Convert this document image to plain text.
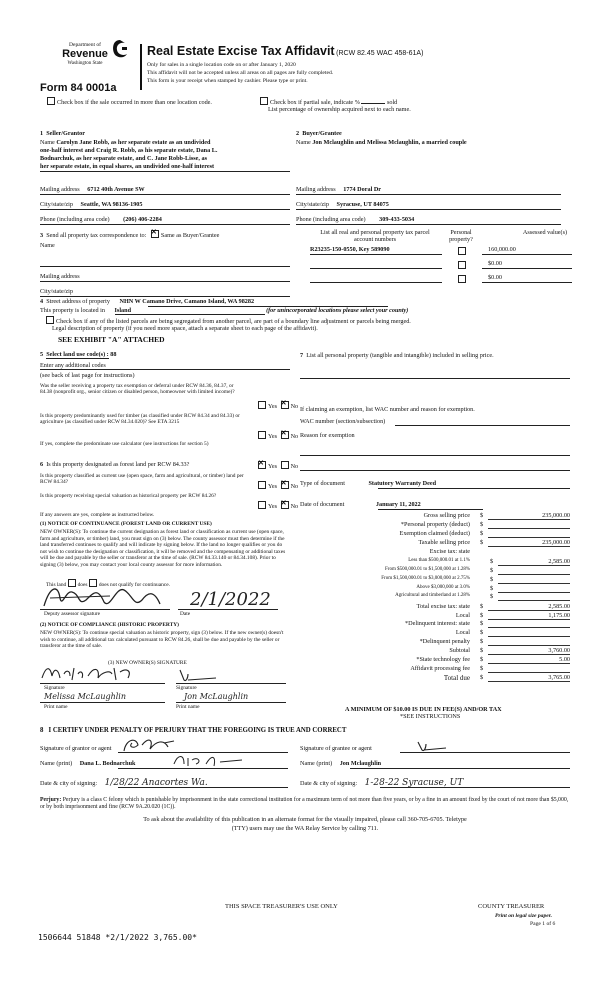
Department of
Revenue
Washington State
Form 84 0001a
Real Estate Excise Tax Affidavit (RCW 82.45 WAC 458-61A)
Only for sales in a single location code on or after January 1, 2020
This affidavit will not be accepted unless all areas on all pages are fully completed.
This form is your receipt when stamped by cashier. Please type or print.
Check box if the sale occurred in more than one location code.	Check box if partial sale, indicate %	sold
List percentage of ownership acquired next to each name.
1  Seller/Grantor
Name Carolyn Jane Robb, as her separate estate as an undivided
one-half interest and Craig R. Robb, as his separate estate, Dana L.
Bodnarchuk, as her separate estate, and C. Jane Robb-Lisse, as
her separate estate, in equal shares, an undivided one-half interest
Mailing address 6712 40th Avenue SW
City/state/zip Seattle, WA 98136-1905
Phone (including area code) (206) 406-2284
2  Buyer/Grantee
Name Jon Mclaughlin and Melissa Mclaughlin, a married couple
Mailing address 1774 Doral Dr
City/state/zip Syracuse, UT 84075
Phone (including area code) 309-433-5034
3 Send all property tax correspondence to: ✕ Same as Buyer/Grantee
Name
Mailing address
City/state/zip
List all real and personal property tax parcel account numbers
Personal property?
Assessed value(s)
R23235-150-0550, Key 589090	160,000.00
$0.00
$0.00
4 Street address of property NHN W Camano Drive, Camano Island, WA 98282
This property is located in Island	(for unincorporated locations please select your county)
Check box if any of the listed parcels are being segregated from another parcel, are part of a boundary line adjustment or parcels being merged.
Legal description of property (if you need more space, attach a separate sheet to each page of the affidavit).
SEE EXHIBIT "A" ATTACHED
5 Select land use code(s) : 88
Enter any additional codes
(see back of last page for instructions)
Was the seller receiving a property tax exemption or deferral under RCW 84.36, 84.37, or 84.38 (nonprofit org., senior citizen or disabled person, homeowner with limited income)?
Yes ✕ No
Is this property predominantly used for timber (as classified under RCW 84.34 and 84.33) or agriculture (as classified under RCW 84.34.020)? See ETA 3215
Yes ✕ No
If yes, complete the predominate use calculator (see instructions for section 5)
6 Is this property designated as forest land per RCW 84.33? ✕	Yes No
Is this property classified as current use (open space, farm and agricultural, or timber) land per RCW 84.34?
Yes ✕ No
Is this property receiving special valuation as historical property per RCW 84.26?
Yes ✕ No
If any answers are yes, complete as instructed below.
(1) NOTICE OF CONTINUANCE (FOREST LAND OR CURRENT USE)
NEW OWNER(S): To continue the current designation as forest land or classification as current use (open space, farm and agriculture, or timber) land, you must sign on (3) below. The county assessor must then determine if the land transferred continues to qualify and will indicate by signing below. If the land no longer qualifies or you do not wish to continue the designation or classification, it will be removed and the compensating or additional taxes will be due and payable by the seller or transferor at the time of sale. (RCW 84.33.140 or 84.34.108). Prior to signing (3) below, you may contact your local county assessor for more information.
This land does does not qualify for continuance.
2/1/2022
Deputy assessor signature	Date
(2) NOTICE OF COMPLIANCE (HISTORIC PROPERTY)
NEW OWNER(S): To continue special valuation as historic property, sign (3) below. If the new owner(s) doesn't wish to continue, all additional tax calculated pursuant to RCW 84.26, shall be due and payable by the seller or transferor at the time of sale.
(3) NEW OWNER(S) SIGNATURE
Signature	Signature
Melissa McLaughlin	Jon McLaughlin
Print name	Print name
7 List all personal property (tangible and intangible) included in selling price.
If claiming an exemption, list WAC number and reason for exemption.
WAC number (section/subsection)
Reason for exemption
Type of document	Statutory Warranty Deed
Date of document	January 11, 2022
Gross selling price $	235,000.00
*Personal property (deduct) $
Exemption claimed (deduct) $
Taxable selling price $	235,000.00
Excise tax: state
Less than $500,000.01 at 1.1%	$	2,585.00
From $500,000.01 to $1,500,000 at 1.28%	$
From $1,500,000.01 to $3,000,000 at 2.75%	$
Above $3,000,000 at 3.0%	$
Agricultural and timberland at 1.28%	$
Total excise tax: state $	2,585.00
Local $	1,175.00
*Delinquent interest: state $
Local $
*Delinquent penalty $
Subtotal $	3,760.00
*State technology fee $	5.00
Affidavit processing fee $
Total due $	3,765.00
A MINIMUM OF $10.00 IS DUE IN FEE(S) AND/OR TAX
*SEE INSTRUCTIONS
8   I CERTIFY UNDER PENALTY OF PERJURY THAT THE FOREGOING IS TRUE AND CORRECT
Signature of grantor or agent	Signature of grantee or agent
Name (print) Dana L. Bodnarchuk	Name (print) Jon Mclaughlin
Date & city of signing: 1/28/22 Anacortes Wa.	Date & city of signing: 1-28-22 Syracuse, UT
Perjury: Perjury is a class C felony which is punishable by imprisonment in the state correctional institution for a maximum term of not more than five years, or by a fine in an amount fixed by the court of not more than $5,000, or by both imprisonment and fine (RCW 9A.20.020 (1C)).
To ask about the availability of this publication in an alternate format for the visually impaired, please call 360-705-6705. Teletype
(TTY) users may use the WA Relay Service by calling 711.
THIS SPACE TREASURER'S USE ONLY	COUNTY TREASURER
Print on legal size paper.
Page 1 of 6
1506644 51848 *2/1/2022 3,765.00*
